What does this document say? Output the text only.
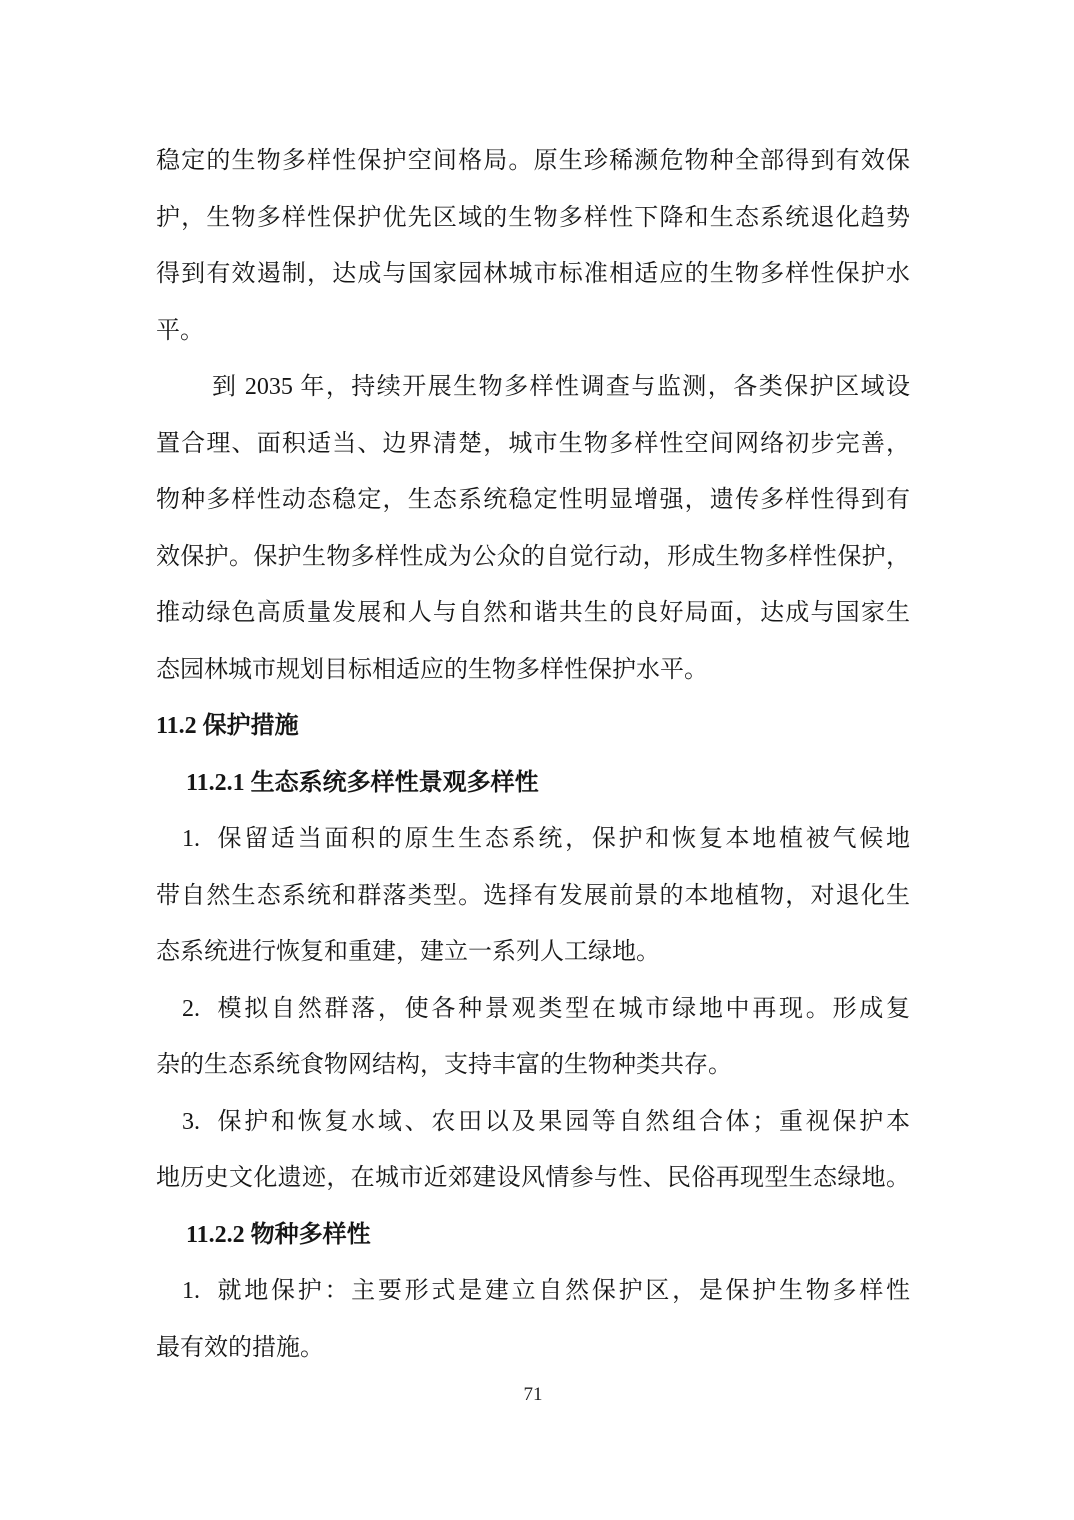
稳定的生物多样性保护空间格局。原生珍稀濒危物种全部得到有效保
护，生物多样性保护优先区域的生物多样性下降和生态系统退化趋势
得到有效遏制，达成与国家园林城市标准相适应的生物多样性保护水
平。
到 2035 年，持续开展生物多样性调查与监测，各类保护区域设
置合理、面积适当、边界清楚，城市生物多样性空间网络初步完善，
物种多样性动态稳定，生态系统稳定性明显增强，遗传多样性得到有
效保护。保护生物多样性成为公众的自觉行动，形成生物多样性保护，
推动绿色高质量发展和人与自然和谐共生的良好局面，达成与国家生
态园林城市规划目标相适应的生物多样性保护水平。
11.2 保护措施
11.2.1 生态系统多样性景观多样性
1.  保留适当面积的原生生态系统，保护和恢复本地植被气候地
带自然生态系统和群落类型。选择有发展前景的本地植物，对退化生
态系统进行恢复和重建，建立一系列人工绿地。
2.  模拟自然群落，使各种景观类型在城市绿地中再现。形成复
杂的生态系统食物网结构，支持丰富的生物种类共存。
3.  保护和恢复水域、农田以及果园等自然组合体；重视保护本
地历史文化遗迹，在城市近郊建设风情参与性、民俗再现型生态绿地。
11.2.2 物种多样性
1.  就地保护：主要形式是建立自然保护区，是保护生物多样性
最有效的措施。
71
